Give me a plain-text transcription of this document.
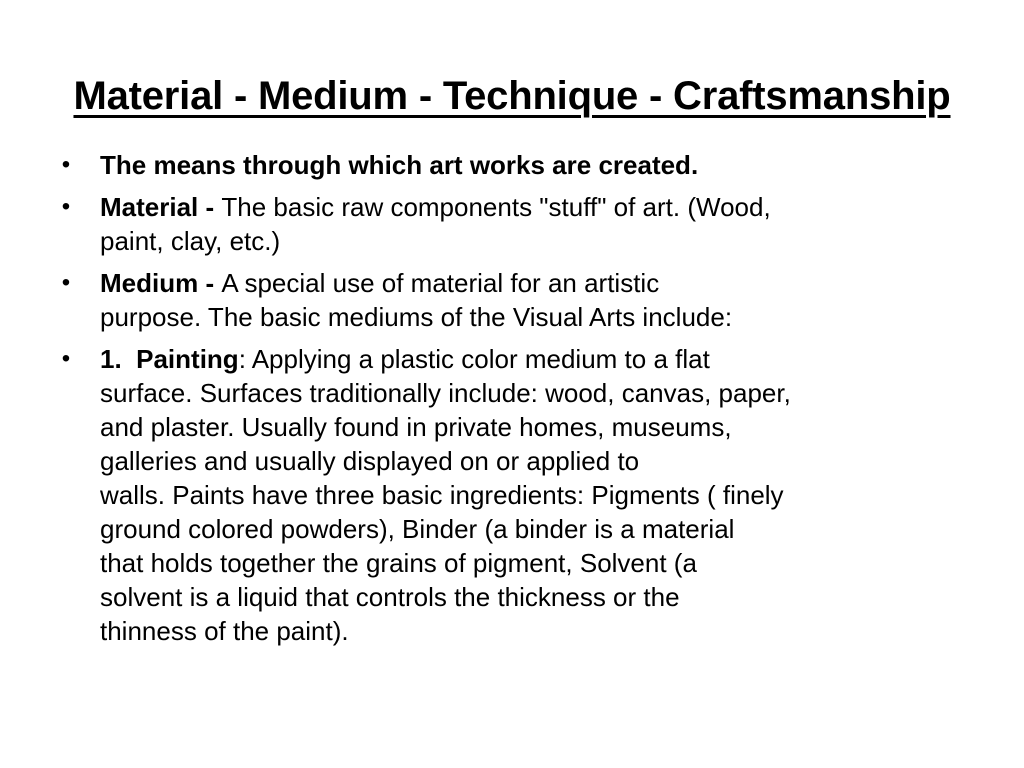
Material - Medium - Technique - Craftsmanship
• The means through which art works are created.
• Material - The basic raw components "stuff" of art. (Wood,
paint, clay, etc.)
• Medium - A special use of material for an artistic
purpose. The basic mediums of the Visual Arts include:
• 1.  Painting: Applying a plastic color medium to a flat
surface. Surfaces traditionally include: wood, canvas, paper,
and plaster. Usually found in private homes, museums,
galleries and usually displayed on or applied to
walls. Paints have three basic ingredients: Pigments ( finely
ground colored powders), Binder (a binder is a material
that holds together the grains of pigment, Solvent (a
solvent is a liquid that controls the thickness or the
thinness of the paint).
